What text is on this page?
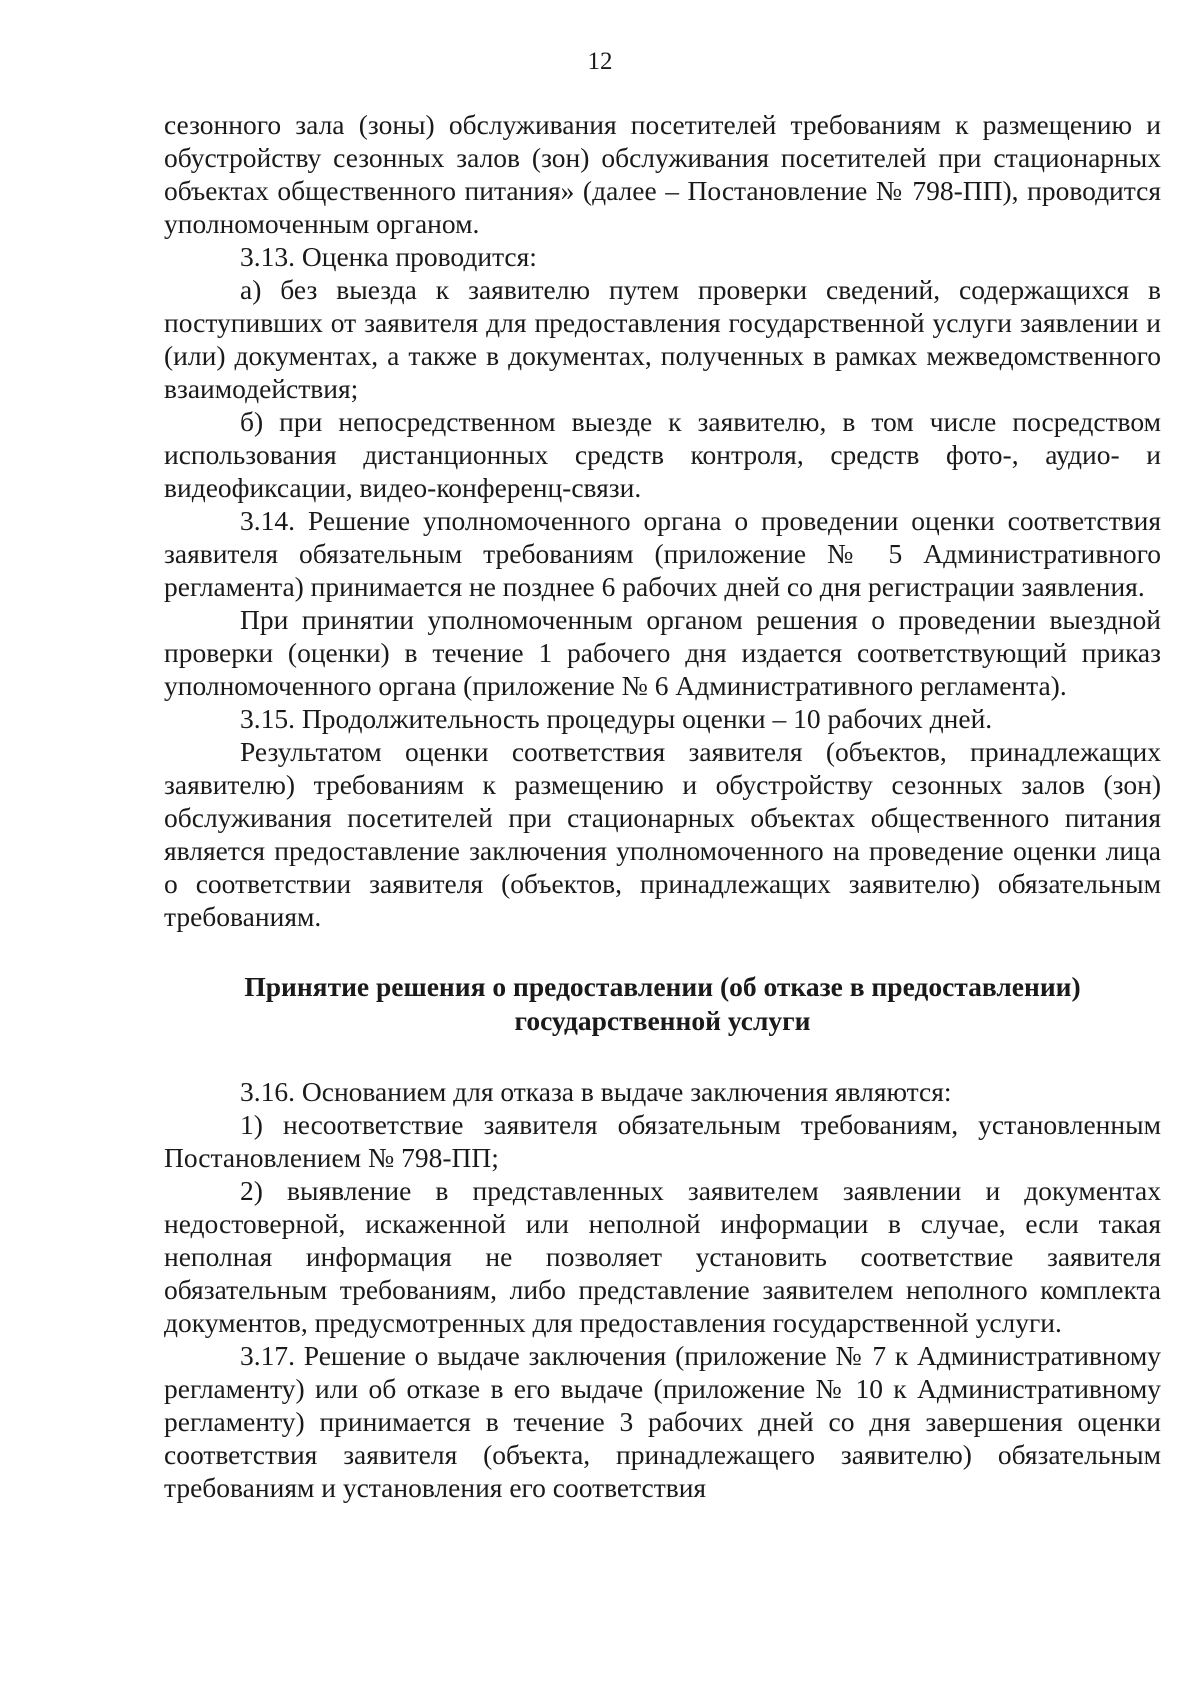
12

сезонного зала (зоны) обслуживания посетителей требованиям к размещению и обустройству сезонных залов (зон) обслуживания посетителей при стационарных объектах общественного питания» (далее – Постановление № 798-ПП), проводится уполномоченным органом.

3.13. Оценка проводится:

а) без выезда к заявителю путем проверки сведений, содержащихся в поступивших от заявителя для предоставления государственной услуги заявлении и (или) документах, а также в документах, полученных в рамках межведомственного взаимодействия;

б) при непосредственном выезде к заявителю, в том числе посредством использования дистанционных средств контроля, средств фото-, аудио- и видеофиксации, видео-конференц-связи.

3.14. Решение уполномоченного органа о проведении оценки соответствия заявителя обязательным требованиям (приложение № 5 Административного регламента) принимается не позднее 6 рабочих дней со дня регистрации заявления.

При принятии уполномоченным органом решения о проведении выездной проверки (оценки) в течение 1 рабочего дня издается соответствующий приказ уполномоченного органа (приложение № 6 Административного регламента).

3.15. Продолжительность процедуры оценки – 10 рабочих дней.

Результатом оценки соответствия заявителя (объектов, принадлежащих заявителю) требованиям к размещению и обустройству сезонных залов (зон) обслуживания посетителей при стационарных объектах общественного питания является предоставление заключения уполномоченного на проведение оценки лица о соответствии заявителя (объектов, принадлежащих заявителю) обязательным требованиям.

Принятие решения о предоставлении (об отказе в предоставлении) государственной услуги

3.16. Основанием для отказа в выдаче заключения являются:

1) несоответствие заявителя обязательным требованиям, установленным Постановлением № 798-ПП;

2) выявление в представленных заявителем заявлении и документах недостоверной, искаженной или неполной информации в случае, если такая неполная информация не позволяет установить соответствие заявителя обязательным требованиям, либо представление заявителем неполного комплекта документов, предусмотренных для предоставления государственной услуги.

3.17. Решение о выдаче заключения (приложение № 7 к Административному регламенту) или об отказе в его выдаче (приложение № 10 к Административному регламенту) принимается в течение 3 рабочих дней со дня завершения оценки соответствия заявителя (объекта, принадлежащего заявителю) обязательным требованиям и установления его соответствия
